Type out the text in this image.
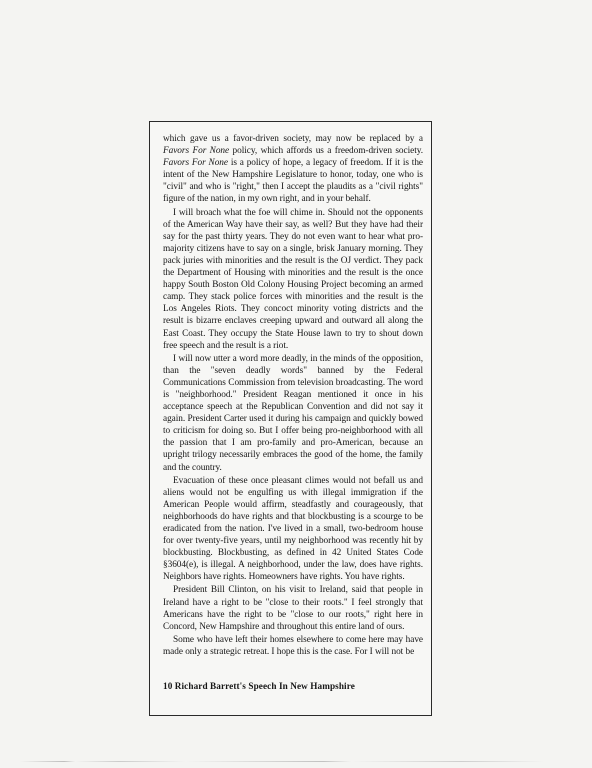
which gave us a favor-driven society, may now be replaced by a Favors For None policy, which affords us a freedom-driven society. Favors For None is a policy of hope, a legacy of freedom. If it is the intent of the New Hampshire Legislature to honor, today, one who is "civil" and who is "right," then I accept the plaudits as a "civil rights" figure of the nation, in my own right, and in your behalf.

I will broach what the foe will chime in. Should not the opponents of the American Way have their say, as well? But they have had their say for the past thirty years. They do not even want to hear what pro-majority citizens have to say on a single, brisk January morning. They pack juries with minorities and the result is the OJ verdict. They pack the Department of Housing with minorities and the result is the once happy South Boston Old Colony Housing Project becoming an armed camp. They stack police forces with minorities and the result is the Los Angeles Riots. They concoct minority voting districts and the result is bizarre enclaves creeping upward and outward all along the East Coast. They occupy the State House lawn to try to shout down free speech and the result is a riot.

I will now utter a word more deadly, in the minds of the opposition, than the "seven deadly words" banned by the Federal Communications Commission from television broadcasting. The word is "neighborhood." President Reagan mentioned it once in his acceptance speech at the Republican Convention and did not say it again. President Carter used it during his campaign and quickly bowed to criticism for doing so. But I offer being pro-neighborhood with all the passion that I am pro-family and pro-American, because an upright trilogy necessarily embraces the good of the home, the family and the country.

Evacuation of these once pleasant climes would not befall us and aliens would not be engulfing us with illegal immigration if the American People would affirm, steadfastly and courageously, that neighborhoods do have rights and that blockbusting is a scourge to be eradicated from the nation. I've lived in a small, two-bedroom house for over twenty-five years, until my neighborhood was recently hit by blockbusting. Blockbusting, as defined in 42 United States Code §3604(e), is illegal. A neighborhood, under the law, does have rights. Neighbors have rights. Homeowners have rights. You have rights.

President Bill Clinton, on his visit to Ireland, said that people in Ireland have a right to be "close to their roots." I feel strongly that Americans have the right to be "close to our roots," right here in Concord, New Hampshire and throughout this entire land of ours.

Some who have left their homes elsewhere to come here may have made only a strategic retreat. I hope this is the case. For I will not be

10 Richard Barrett's Speech In New Hampshire
